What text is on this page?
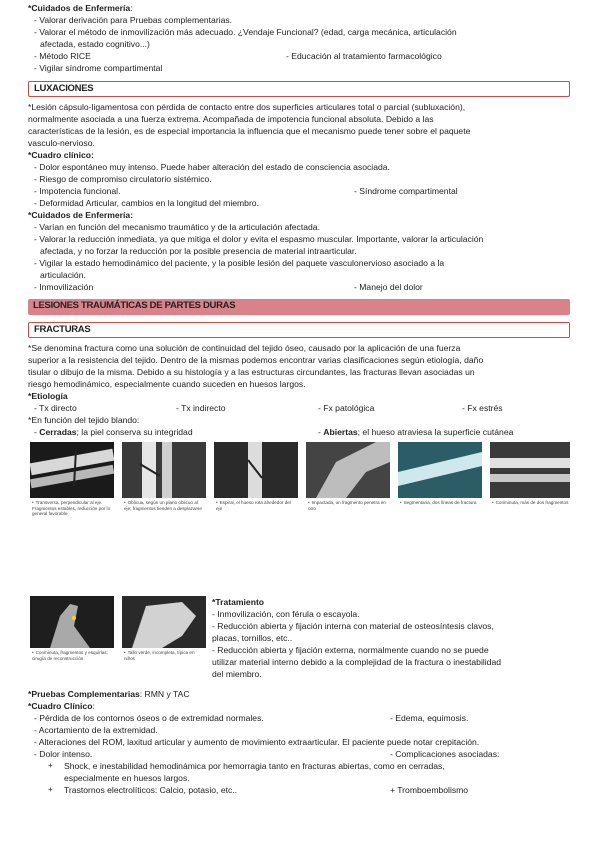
*Cuidados de Enfermería:
- Valorar derivación para Pruebas complementarias.
- Valorar el método de inmovilización más adecuado. ¿Vendaje Funcional? (edad, carga mecánica, articulación
afectada, estado cognitivo...)
- Método RICE	- Educación al tratamiento farmacológico
- Vigilar síndrome compartimental
LUXACIONES
*Lesión cápsulo-ligamentosa con pérdida de contacto entre dos superficies articulares total o parcial (subluxación),
normalmente asociada a una fuerza extrema. Acompañada de impotencia funcional absoluta. Debido a las
características de la lesión, es de especial importancia la influencia que el mecanismo puede tener sobre el paquete
vasculo-nervioso.
*Cuadro clínico:
- Dolor espontáneo muy intenso. Puede haber alteración del estado de consciencia asociada.
- Riesgo de compromiso circulatorio sistémico.
- Impotencia funcional.	- Síndrome compartimental
- Deformidad Articular, cambios en la longitud del miembro.
*Cuidados de Enfermería:
- Varían en función del mecanismo traumático y de la articulación afectada.
- Valorar la reducción inmediata, ya que mitiga el dolor y evita el espasmo muscular. Importante, valorar la articulación
afectada, y no forzar la reducción por la posible presencia de material intraarticular.
- Vigilar la estado hemodinámico del paciente, y la posible lesión del paquete vasculonervioso asociado a la
articulación.
- Inmovilización	- Manejo del dolor
LESIONES TRAUMÁTICAS DE PARTES DURAS
FRACTURAS
*Se denomina fractura como una solución de continuidad del tejido óseo, causado por la aplicación de una fuerza
superior a la resistencia del tejido. Dentro de la mismas podemos encontrar varias clasificaciones según etiología, daño
tisular o dibujo de la misma. Debido a su histología y a las estructuras circundantes, las fracturas llevan asociadas un
riesgo hemodinámico, especialmente cuando suceden en huesos largos.
*Etiología
- Tx directo	- Tx indirecto	- Fx patológica	- Fx estrés
*En función del tejido blando:
- Cerradas; la piel conserva su integridad	- Abiertas; el hueso atraviesa la superficie cutánea
• Transversa, perpendicular al eje. Fragmentos estables, reducción por lo general favorable
• Oblicua, según un plano oblicuo al eje; fragmentos tienden a desplazarse
• Espiral, el hueso rota alrededor del eje
• Impactada, un fragmento penetra en otro
• Segmentaria, dos líneas de fractura
•	Conminuta, más de dos fragmentos
• Conminuta, fragmentos y esquirlas; cirugía de reconstrucción
• Tallo verde, incompleta, típica en niños
*Tratamiento
- Inmovilización, con férula o escayola.
- Reducción abierta y fijación interna con material de osteosíntesis clavos,
placas, tornillos, etc..
- Reducción abierta y fijación externa, normalmente cuando no se puede
utilizar material interno debido a la complejidad de la fractura o inestabilidad
del miembro.
*Pruebas Complementarias: RMN y TAC
*Cuadro Clínico:
- Pérdida de los contornos óseos o de extremidad normales.	- Edema, equimosis.
- Acortamiento de la extremidad.
- Alteraciones del ROM, laxitud articular y aumento de movimiento extraarticular. El paciente puede notar crepitación.
- Dolor intenso.	- Complicaciones asociadas:
+ Shock, e inestabilidad hemodinámica por hemorragia tanto en fracturas abiertas, como en cerradas,
especialmente en huesos largos.
+ Trastornos electrolíticos: Calcio, potasio, etc..	+ Tromboembolismo
